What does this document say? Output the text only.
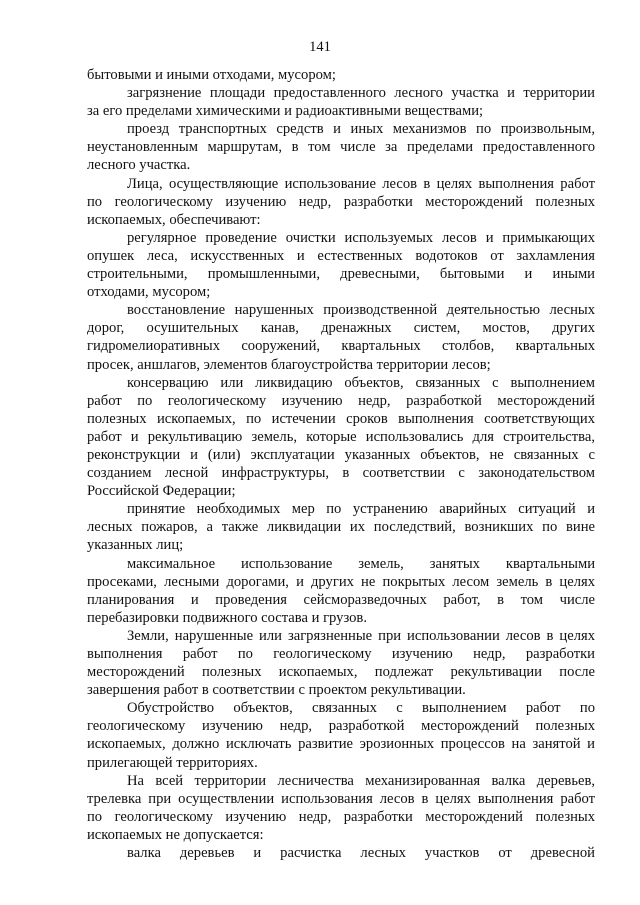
141
бытовыми и иными отходами, мусором;
загрязнение площади предоставленного лесного участка и территории
за его пределами химическими и радиоактивными веществами;
проезд транспортных средств и иных механизмов по произвольным,
неустановленным маршрутам, в том числе за пределами предоставленного
лесного участка.
Лица, осуществляющие использование лесов в целях выполнения работ
по геологическому изучению недр, разработки месторождений полезных
ископаемых, обеспечивают:
регулярное проведение очистки используемых лесов и примыкающих
опушек леса, искусственных и естественных водотоков от захламления
строительными, промышленными, древесными, бытовыми и иными
отходами, мусором;
восстановление нарушенных производственной деятельностью лесных
дорог, осушительных канав, дренажных систем, мостов, других
гидромелиоративных сооружений, квартальных столбов, квартальных
просек, аншлагов, элементов благоустройства территории лесов;
консервацию или ликвидацию объектов, связанных с выполнением
работ по геологическому изучению недр, разработкой месторождений
полезных ископаемых, по истечении сроков выполнения соответствующих
работ и рекультивацию земель, которые использовались для строительства,
реконструкции и (или) эксплуатации указанных объектов, не связанных с
созданием лесной инфраструктуры, в соответствии с законодательством
Российской Федерации;
принятие необходимых мер по устранению аварийных ситуаций и
лесных пожаров, а также ликвидации их последствий, возникших по вине
указанных лиц;
максимальное использование земель, занятых квартальными
просеками, лесными дорогами, и других не покрытых лесом земель в целях
планирования и проведения сейсморазведочных работ, в том числе
перебазировки подвижного состава и грузов.
Земли, нарушенные или загрязненные при использовании лесов в целях
выполнения работ по геологическому изучению недр, разработки
месторождений полезных ископаемых, подлежат рекультивации после
завершения работ в соответствии с проектом рекультивации.
Обустройство объектов, связанных с выполнением работ по
геологическому изучению недр, разработкой месторождений полезных
ископаемых, должно исключать развитие эрозионных процессов на занятой и
прилегающей территориях.
На всей территории лесничества механизированная валка деревьев,
трелевка при осуществлении использования лесов в целях выполнения работ
по геологическому изучению недр, разработки месторождений полезных
ископаемых не допускается:
валка деревьев и расчистка лесных участков от древесной
